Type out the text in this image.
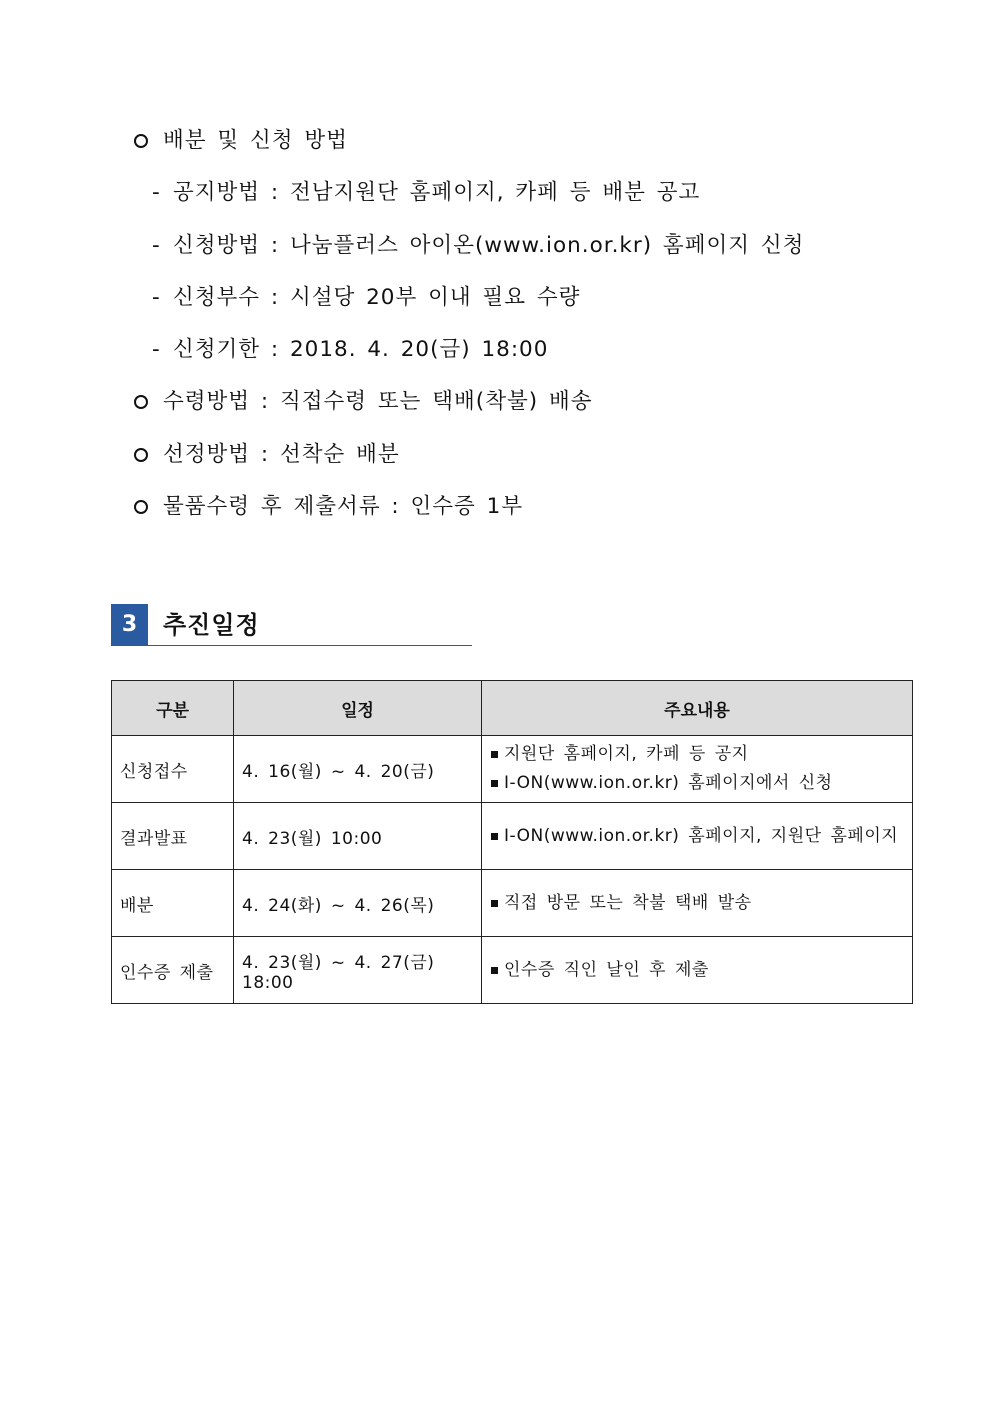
배분 및 신청 방법
- 공지방법 : 전남지원단 홈페이지, 카페 등 배분 공고
- 신청방법 : 나눔플러스 아이온(www.ion.or.kr) 홈페이지 신청
- 신청부수 : 시설당 20부 이내 필요 수량
- 신청기한 : 2018. 4. 20(금) 18:00
수령방법 : 직접수령 또는 택배(착불) 배송
선정방법 : 선착순 배분
물품수령 후 제출서류 : 인수증 1부
3	추진일정
구분	일정	주요내용
신청접수	4. 16(월) ~ 4. 20(금)	지원단 홈페이지, 카페 등 공지
I-ON(www.ion.or.kr) 홈페이지에서 신청

결과발표	4. 23(월) 10:00	I-ON(www.ion.or.kr) 홈페이지, 지원단 홈페이지

배분	4. 24(화) ~ 4. 26(목)	직접 방문 또는 착불 택배 발송

인수증 제출	4. 23(월) ~ 4. 27(금) 18:00	인수증 직인 날인 후 제출
